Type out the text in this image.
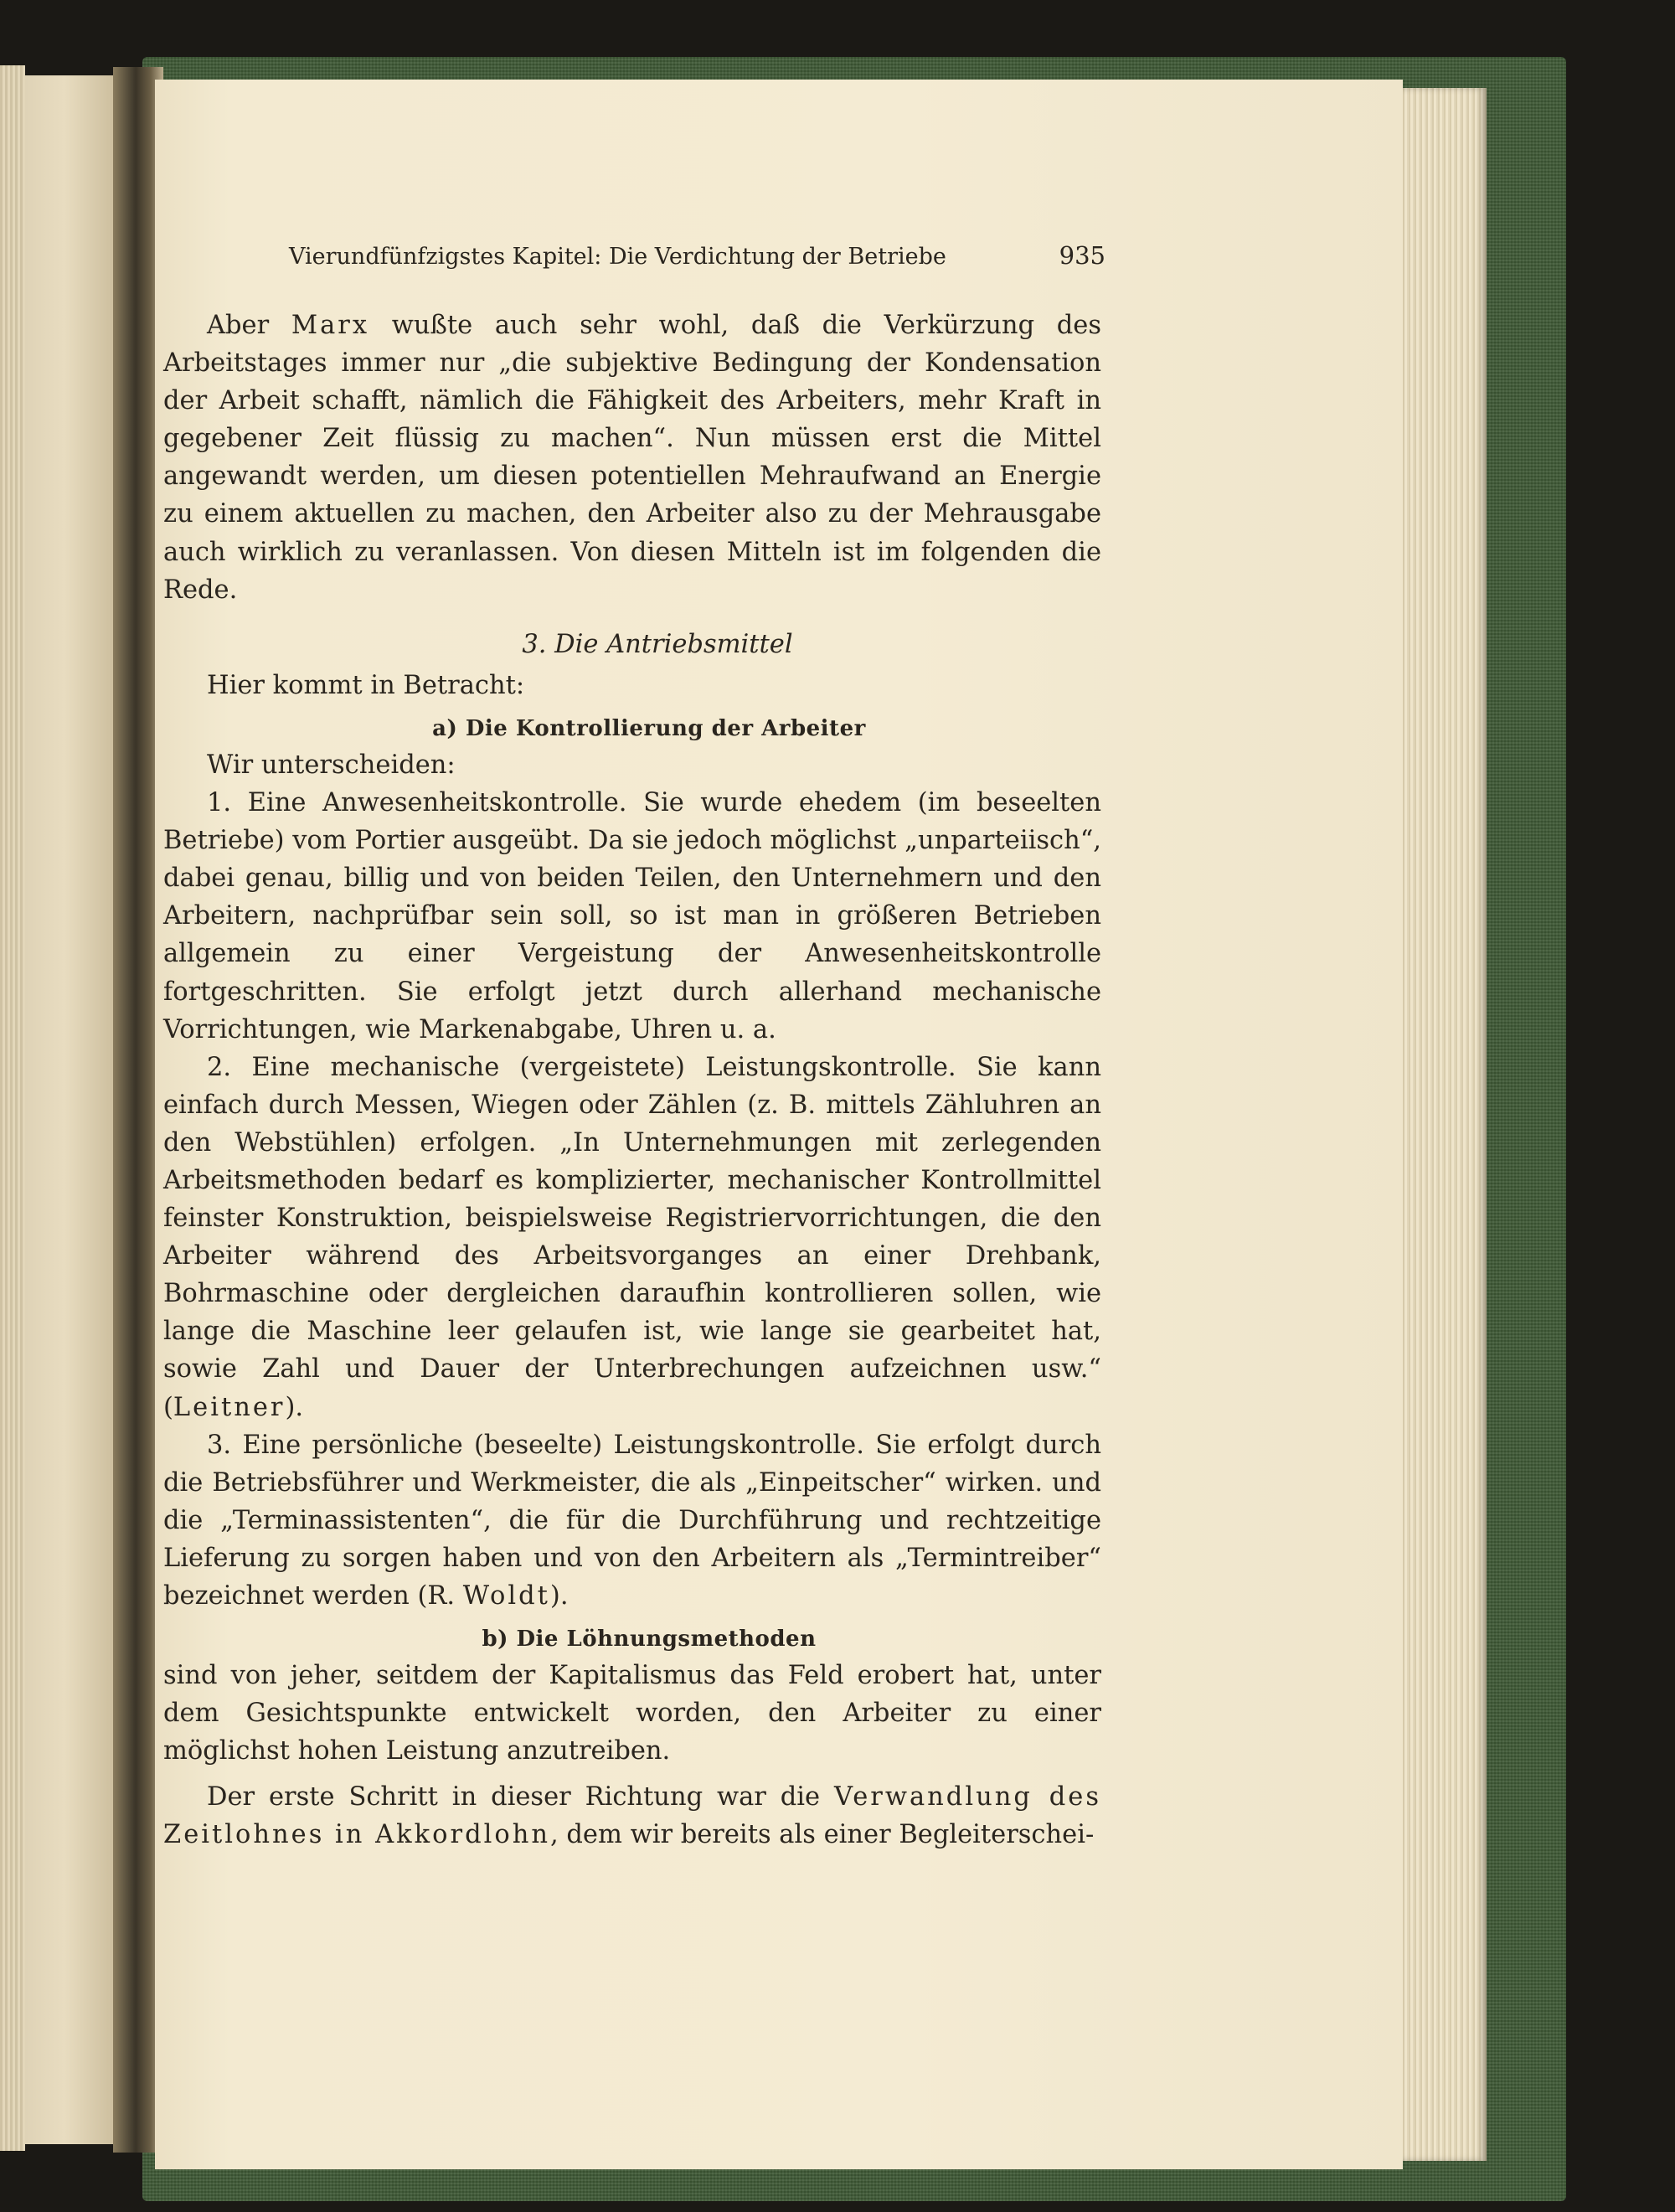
Vierundfünfzigstes Kapitel: Die Verdichtung der Betriebe	935

Aber Marx wußte auch sehr wohl, daß die Verkürzung des Arbeitstages immer nur „die subjektive Bedingung der Kondensation der Arbeit schafft, nämlich die Fähigkeit des Arbeiters, mehr Kraft in gegebener Zeit flüssig zu machen“. Nun müssen erst die Mittel angewandt werden, um diesen potentiellen Mehraufwand an Energie zu einem aktuellen zu machen, den Arbeiter also zu der Mehrausgabe auch wirklich zu veranlassen. Von diesen Mitteln ist im folgenden die Rede.

3. Die Antriebsmittel

Hier kommt in Betracht:

a) Die Kontrollierung der Arbeiter

Wir unterscheiden:

1. Eine Anwesenheitskontrolle. Sie wurde ehedem (im beseelten Betriebe) vom Portier ausgeübt. Da sie jedoch möglichst „unparteiisch“, dabei genau, billig und von beiden Teilen, den Unternehmern und den Arbeitern, nachprüfbar sein soll, so ist man in größeren Betrieben allgemein zu einer Vergeistung der Anwesenheitskontrolle fortgeschritten. Sie erfolgt jetzt durch allerhand mechanische Vorrichtungen, wie Markenabgabe, Uhren u. a.

2. Eine mechanische (vergeistete) Leistungskontrolle. Sie kann einfach durch Messen, Wiegen oder Zählen (z. B. mittels Zähluhren an den Webstühlen) erfolgen. „In Unternehmungen mit zerlegenden Arbeitsmethoden bedarf es komplizierter, mechanischer Kontrollmittel feinster Konstruktion, beispielsweise Registriervorrichtungen, die den Arbeiter während des Arbeitsvorganges an einer Drehbank, Bohrmaschine oder dergleichen daraufhin kontrollieren sollen, wie lange die Maschine leer gelaufen ist, wie lange sie gearbeitet hat, sowie Zahl und Dauer der Unterbrechungen aufzeichnen usw.“ (Leitner).

3. Eine persönliche (beseelte) Leistungskontrolle. Sie erfolgt durch die Betriebsführer und Werkmeister, die als „Einpeitscher“ wirken. und die „Terminassistenten“, die für die Durchführung und rechtzeitige Lieferung zu sorgen haben und von den Arbeitern als „Termintreiber“ bezeichnet werden (R. Woldt).

b) Die Löhnungsmethoden

sind von jeher, seitdem der Kapitalismus das Feld erobert hat, unter dem Gesichtspunkte entwickelt worden, den Arbeiter zu einer möglichst hohen Leistung anzutreiben.

Der erste Schritt in dieser Richtung war die Verwandlung des Zeitlohnes in Akkordlohn, dem wir bereits als einer Begleiterschei-
